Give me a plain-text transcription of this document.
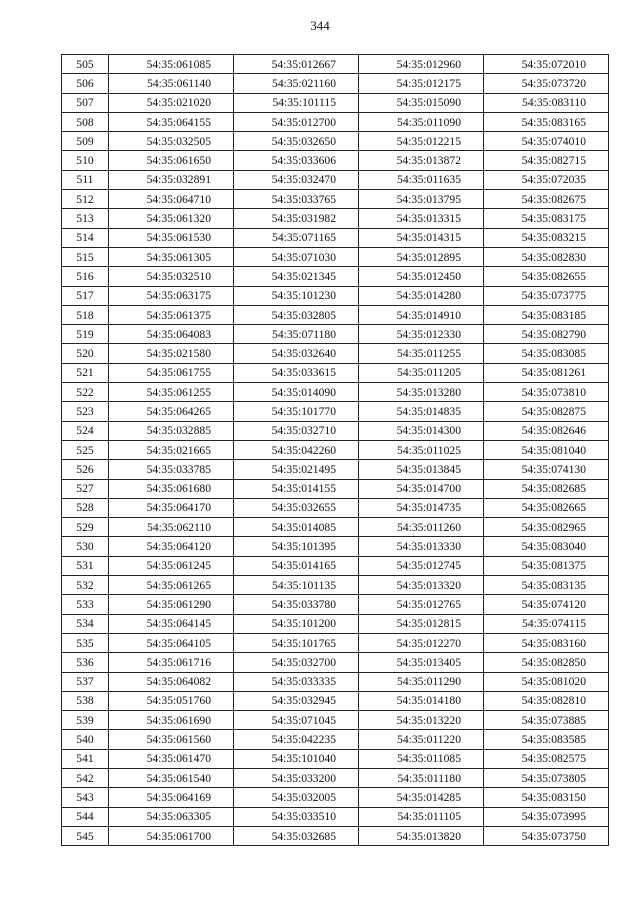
344
505	54:35:061085	54:35:012667	54:35:012960	54:35:072010
506	54:35:061140	54:35:021160	54:35:012175	54:35:073720
507	54:35:021020	54:35:101115	54:35:015090	54:35:083110
508	54:35:064155	54:35:012700	54:35:011090	54:35:083165
509	54:35:032505	54:35:032650	54:35:012215	54:35:074010
510	54:35:061650	54:35:033606	54:35:013872	54:35:082715
511	54:35:032891	54:35:032470	54:35:011635	54:35:072035
512	54:35:064710	54:35:033765	54:35:013795	54:35:082675
513	54:35:061320	54:35:031982	54:35:013315	54:35:083175
514	54:35:061530	54:35:071165	54:35:014315	54:35:083215
515	54:35:061305	54:35:071030	54:35:012895	54:35:082830
516	54:35:032510	54:35:021345	54:35:012450	54:35:082655
517	54:35:063175	54:35:101230	54:35:014280	54:35:073775
518	54:35:061375	54:35:032805	54:35:014910	54:35:083185
519	54:35:064083	54:35:071180	54:35:012330	54:35:082790
520	54:35:021580	54:35:032640	54:35:011255	54:35:083085
521	54:35:061755	54:35:033615	54:35:011205	54:35:081261
522	54:35:061255	54:35:014090	54:35:013280	54:35:073810
523	54:35:064265	54:35:101770	54:35:014835	54:35:082875
524	54:35:032885	54:35:032710	54:35:014300	54:35:082646
525	54:35:021665	54:35:042260	54:35:011025	54:35:081040
526	54:35:033785	54:35:021495	54:35:013845	54:35:074130
527	54:35:061680	54:35:014155	54:35:014700	54:35:082685
528	54:35:064170	54:35:032655	54:35:014735	54:35:082665
529	54:35:062110	54:35:014085	54:35:011260	54:35:082965
530	54:35:064120	54:35:101395	54:35:013330	54:35:083040
531	54:35:061245	54:35:014165	54:35:012745	54:35:081375
532	54:35:061265	54:35:101135	54:35:013320	54:35:083135
533	54:35:061290	54:35:033780	54:35:012765	54:35:074120
534	54:35:064145	54:35:101200	54:35:012815	54:35:074115
535	54:35:064105	54:35:101765	54:35:012270	54:35:083160
536	54:35:061716	54:35:032700	54:35:013405	54:35:082850
537	54:35:064082	54:35:033335	54:35:011290	54:35:081020
538	54:35:051760	54:35:032945	54:35:014180	54:35:082810
539	54:35:061690	54:35:071045	54:35:013220	54:35:073885
540	54:35:061560	54:35:042235	54:35:011220	54:35:083585
541	54:35:061470	54:35:101040	54:35:011085	54:35:082575
542	54:35:061540	54:35:033200	54:35:011180	54:35:073805
543	54:35:064169	54:35:032005	54:35:014285	54:35:083150
544	54:35:063305	54:35:033510	54:35:011105	54:35:073995
545	54:35:061700	54:35:032685	54:35:013820	54:35:073750
